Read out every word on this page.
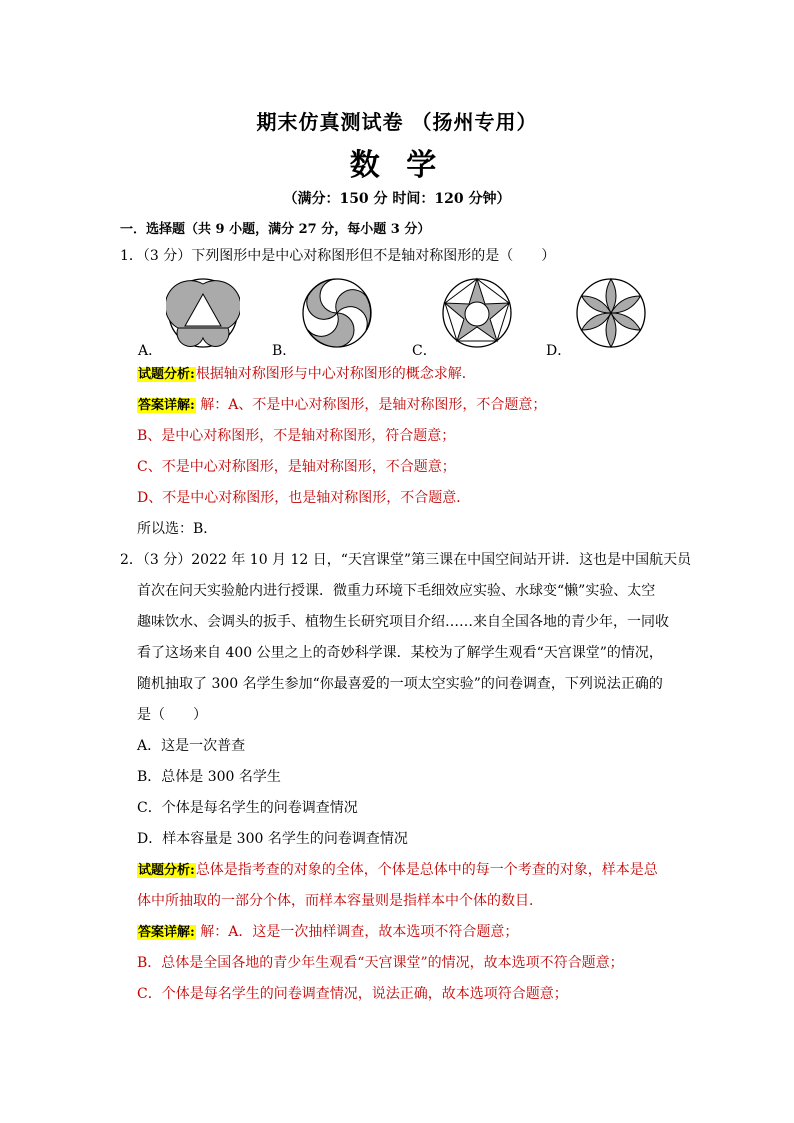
期末仿真测试卷 （扬州专用）
数 学
（满分：150 分 时间：120 分钟）
一．选择题（共 9 小题，满分 27 分，每小题 3 分）
1．（3 分）下列图形中是中心对称图形但不是轴对称图形的是（　　）
A．	B．	C．	D．
试题分析:根据轴对称图形与中心对称图形的概念求解．
答案详解: 解：A、不是中心对称图形，是轴对称图形，不合题意；
B、是中心对称图形，不是轴对称图形，符合题意；
C、不是中心对称图形，是轴对称图形，不合题意；
D、不是中心对称图形，也是轴对称图形，不合题意．
所以选：B．
2．（3 分）2022 年 10 月 12 日，“天宫课堂”第三课在中国空间站开讲．这也是中国航天员
首次在问天实验舱内进行授课．微重力环境下毛细效应实验、水球变“懒”实验、太空
趣味饮水、会调头的扳手、植物生长研究项目介绍……来自全国各地的青少年，一同收
看了这场来自 400 公里之上的奇妙科学课．某校为了解学生观看“天宫课堂”的情况，
随机抽取了 300 名学生参加“你最喜爱的一项太空实验”的问卷调查，下列说法正确的
是（　　）
A．这是一次普查
B．总体是 300 名学生
C．个体是每名学生的问卷调查情况
D．样本容量是 300 名学生的问卷调查情况
试题分析:总体是指考查的对象的全体，个体是总体中的每一个考查的对象，样本是总
体中所抽取的一部分个体，而样本容量则是指样本中个体的数目．
答案详解: 解：A．这是一次抽样调查，故本选项不符合题意；
B．总体是全国各地的青少年生观看“天宫课堂”的情况，故本选项不符合题意；
C．个体是每名学生的问卷调查情况，说法正确，故本选项符合题意；
